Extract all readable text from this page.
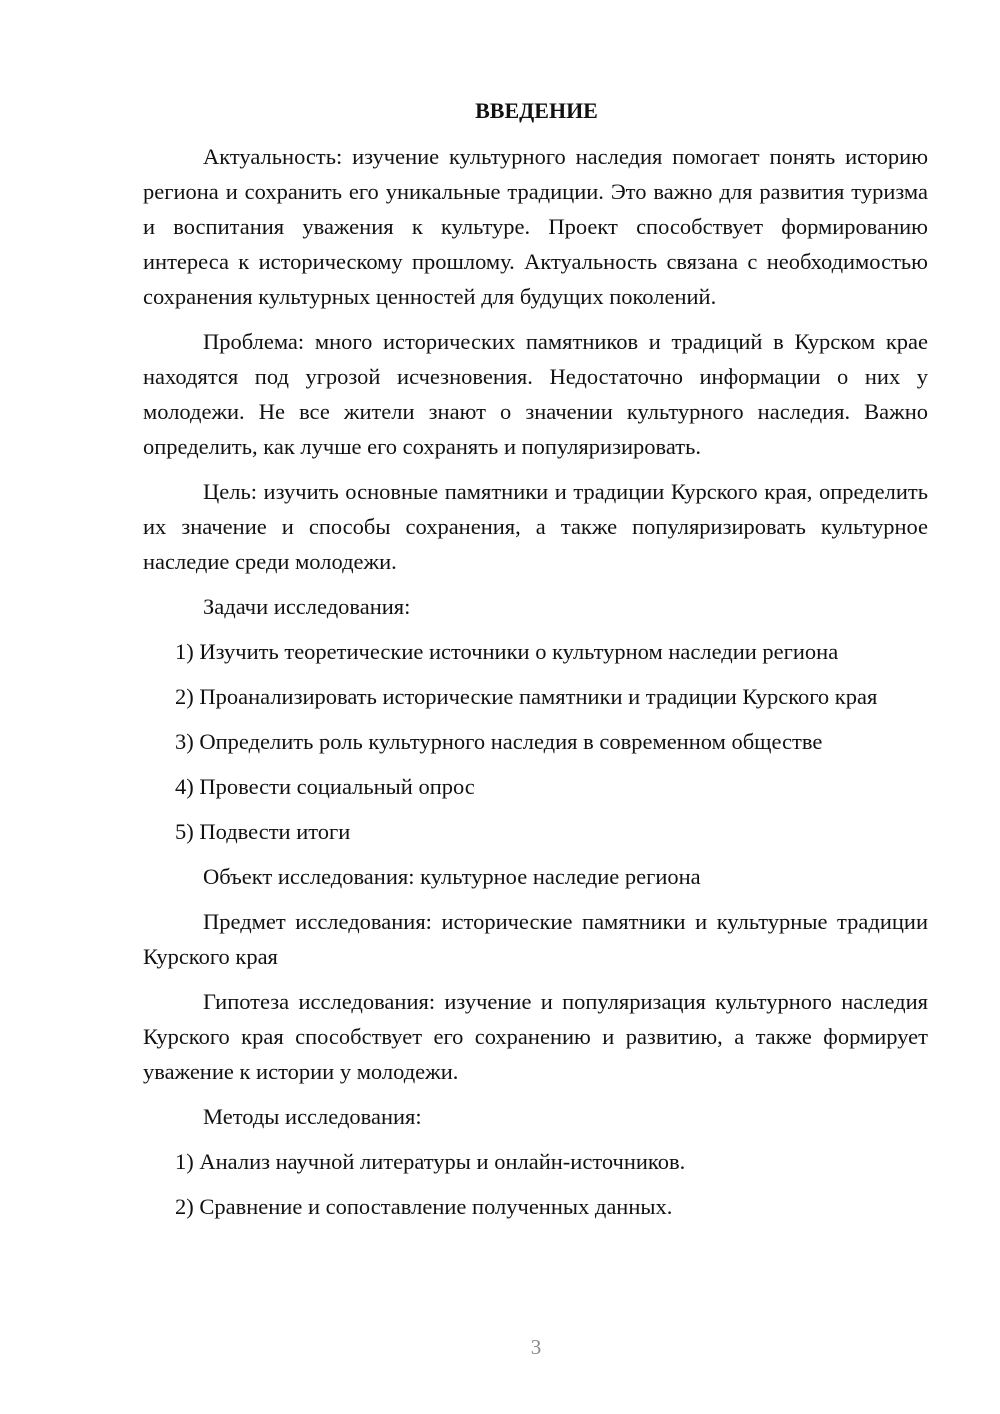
ВВЕДЕНИЕ

Актуальность: изучение культурного наследия помогает понять историю региона и сохранить его уникальные традиции. Это важно для развития туризма и воспитания уважения к культуре. Проект способствует формированию интереса к историческому прошлому. Актуальность связана с необходимостью сохранения культурных ценностей для будущих поколений.

Проблема: много исторических памятников и традиций в Курском крае находятся под угрозой исчезновения. Недостаточно информации о них у молодежи. Не все жители знают о значении культурного наследия. Важно определить, как лучше его сохранять и популяризировать.

Цель: изучить основные памятники и традиции Курского края, определить их значение и способы сохранения, а также популяризировать культурное наследие среди молодежи.

Задачи исследования:

1) Изучить теоретические источники о культурном наследии региона

2) Проанализировать исторические памятники и традиции Курского края

3) Определить роль культурного наследия в современном обществе

4) Провести социальный опрос

5) Подвести итоги

Объект исследования: культурное наследие региона

Предмет исследования: исторические памятники и культурные традиции Курского края

Гипотеза исследования: изучение и популяризация культурного наследия Курского края способствует его сохранению и развитию, а также формирует уважение к истории у молодежи.

Методы исследования:

1) Анализ научной литературы и онлайн-источников.

2) Сравнение и сопоставление полученных данных.

3
